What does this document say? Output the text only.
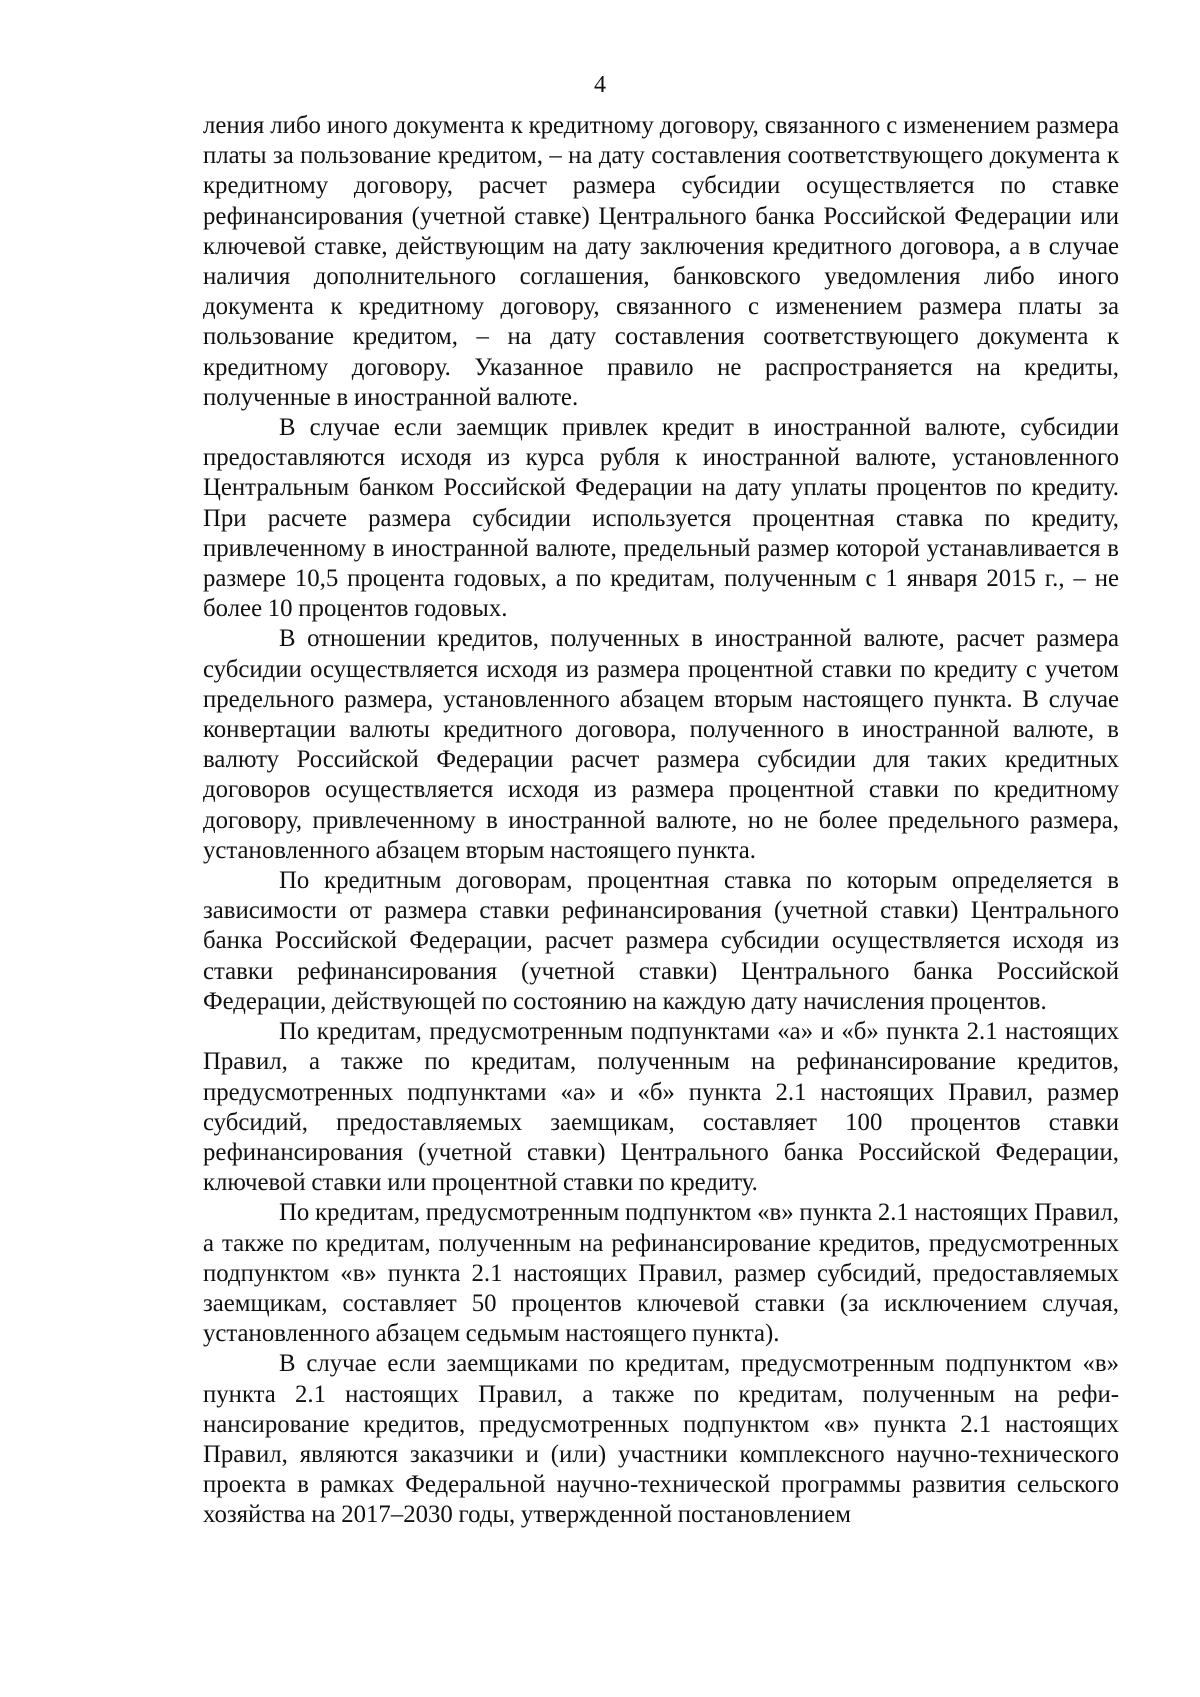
4

ления либо иного документа к кредитному договору, связанного с изменением размера платы за пользование кредитом, – на дату составления соответствующего документа к кредитному договору, расчет размера субсидии осуществляется по ставке рефинансирования (учетной ставке) Центрального банка Российской Федерации или ключевой ставке, действующим на дату заключения кредитного договора, а в случае наличия дополнительного соглашения, банковского уведомления либо иного документа к кредитному договору, связанного с изменением размера платы за пользование кредитом, – на дату составления соответствующего документа к кредитному договору. Указанное правило не распространяется на кредиты, полученные в иностранной валюте.

В случае если заемщик привлек кредит в иностранной валюте, субсидии предоставляются исходя из курса рубля к иностранной валюте, установленного Центральным банком Российской Федерации на дату уплаты процентов по кредиту. При расчете размера субсидии используется процентная ставка по кредиту, привлеченному в иностранной валюте, предельный размер которой устанавливается в размере 10,5 процента годовых, а по кредитам, полученным с 1 января 2015 г., – не более 10 процентов годовых.

В отношении кредитов, полученных в иностранной валюте, расчет размера субсидии осуществляется исходя из размера процентной ставки по кредиту с учетом предельного размера, установленного абзацем вторым настоящего пункта. В случае конвертации валюты кредитного договора, полученного в иностранной валюте, в валюту Российской Федерации расчет размера субсидии для таких кредитных договоров осуществляется исходя из размера процентной ставки по кредитному договору, привлеченному в иностранной валюте, но не более предельного размера, установленного абзацем вторым настоящего пункта.

По кредитным договорам, процентная ставка по которым определяется в зависимости от размера ставки рефинансирования (учетной ставки) Центрального банка Российской Федерации, расчет размера субсидии осуществляется исходя из ставки рефинансирования (учетной ставки) Центрального банка Российской Федерации, действующей по состоянию на каждую дату начисления процентов.

По кредитам, предусмотренным подпунктами «а» и «б» пункта 2.1 настоящих Правил, а также по кредитам, полученным на рефинансирование кредитов, предусмотренных подпунктами «а» и «б» пункта 2.1 настоящих Правил, размер субсидий, предоставляемых заемщикам, составляет 100 процентов ставки рефинансирования (учетной ставки) Центрального банка Российской Федерации, ключевой ставки или процентной ставки по кредиту.

По кредитам, предусмотренным подпунктом «в» пункта 2.1 настоящих Правил, а также по кредитам, полученным на рефинансирование кредитов, предусмотренных подпунктом «в» пункта 2.1 настоящих Правил, размер субсидий, предоставляемых заемщикам, составляет 50 процентов ключевой ставки (за исключением случая, установленного абзацем седьмым настоящего пункта).

В случае если заемщиками по кредитам, предусмотренным подпунктом «в» пункта 2.1 настоящих Правил, а также по кредитам, полученным на рефинансирование кредитов, предусмотренных подпунктом «в» пункта 2.1 настоящих Правил, являются заказчики и (или) участники комплексного научно-технического проекта в рамках Федеральной научно-технической программы развития сельского хозяйства на 2017–2030 годы, утвержденной постановлением
